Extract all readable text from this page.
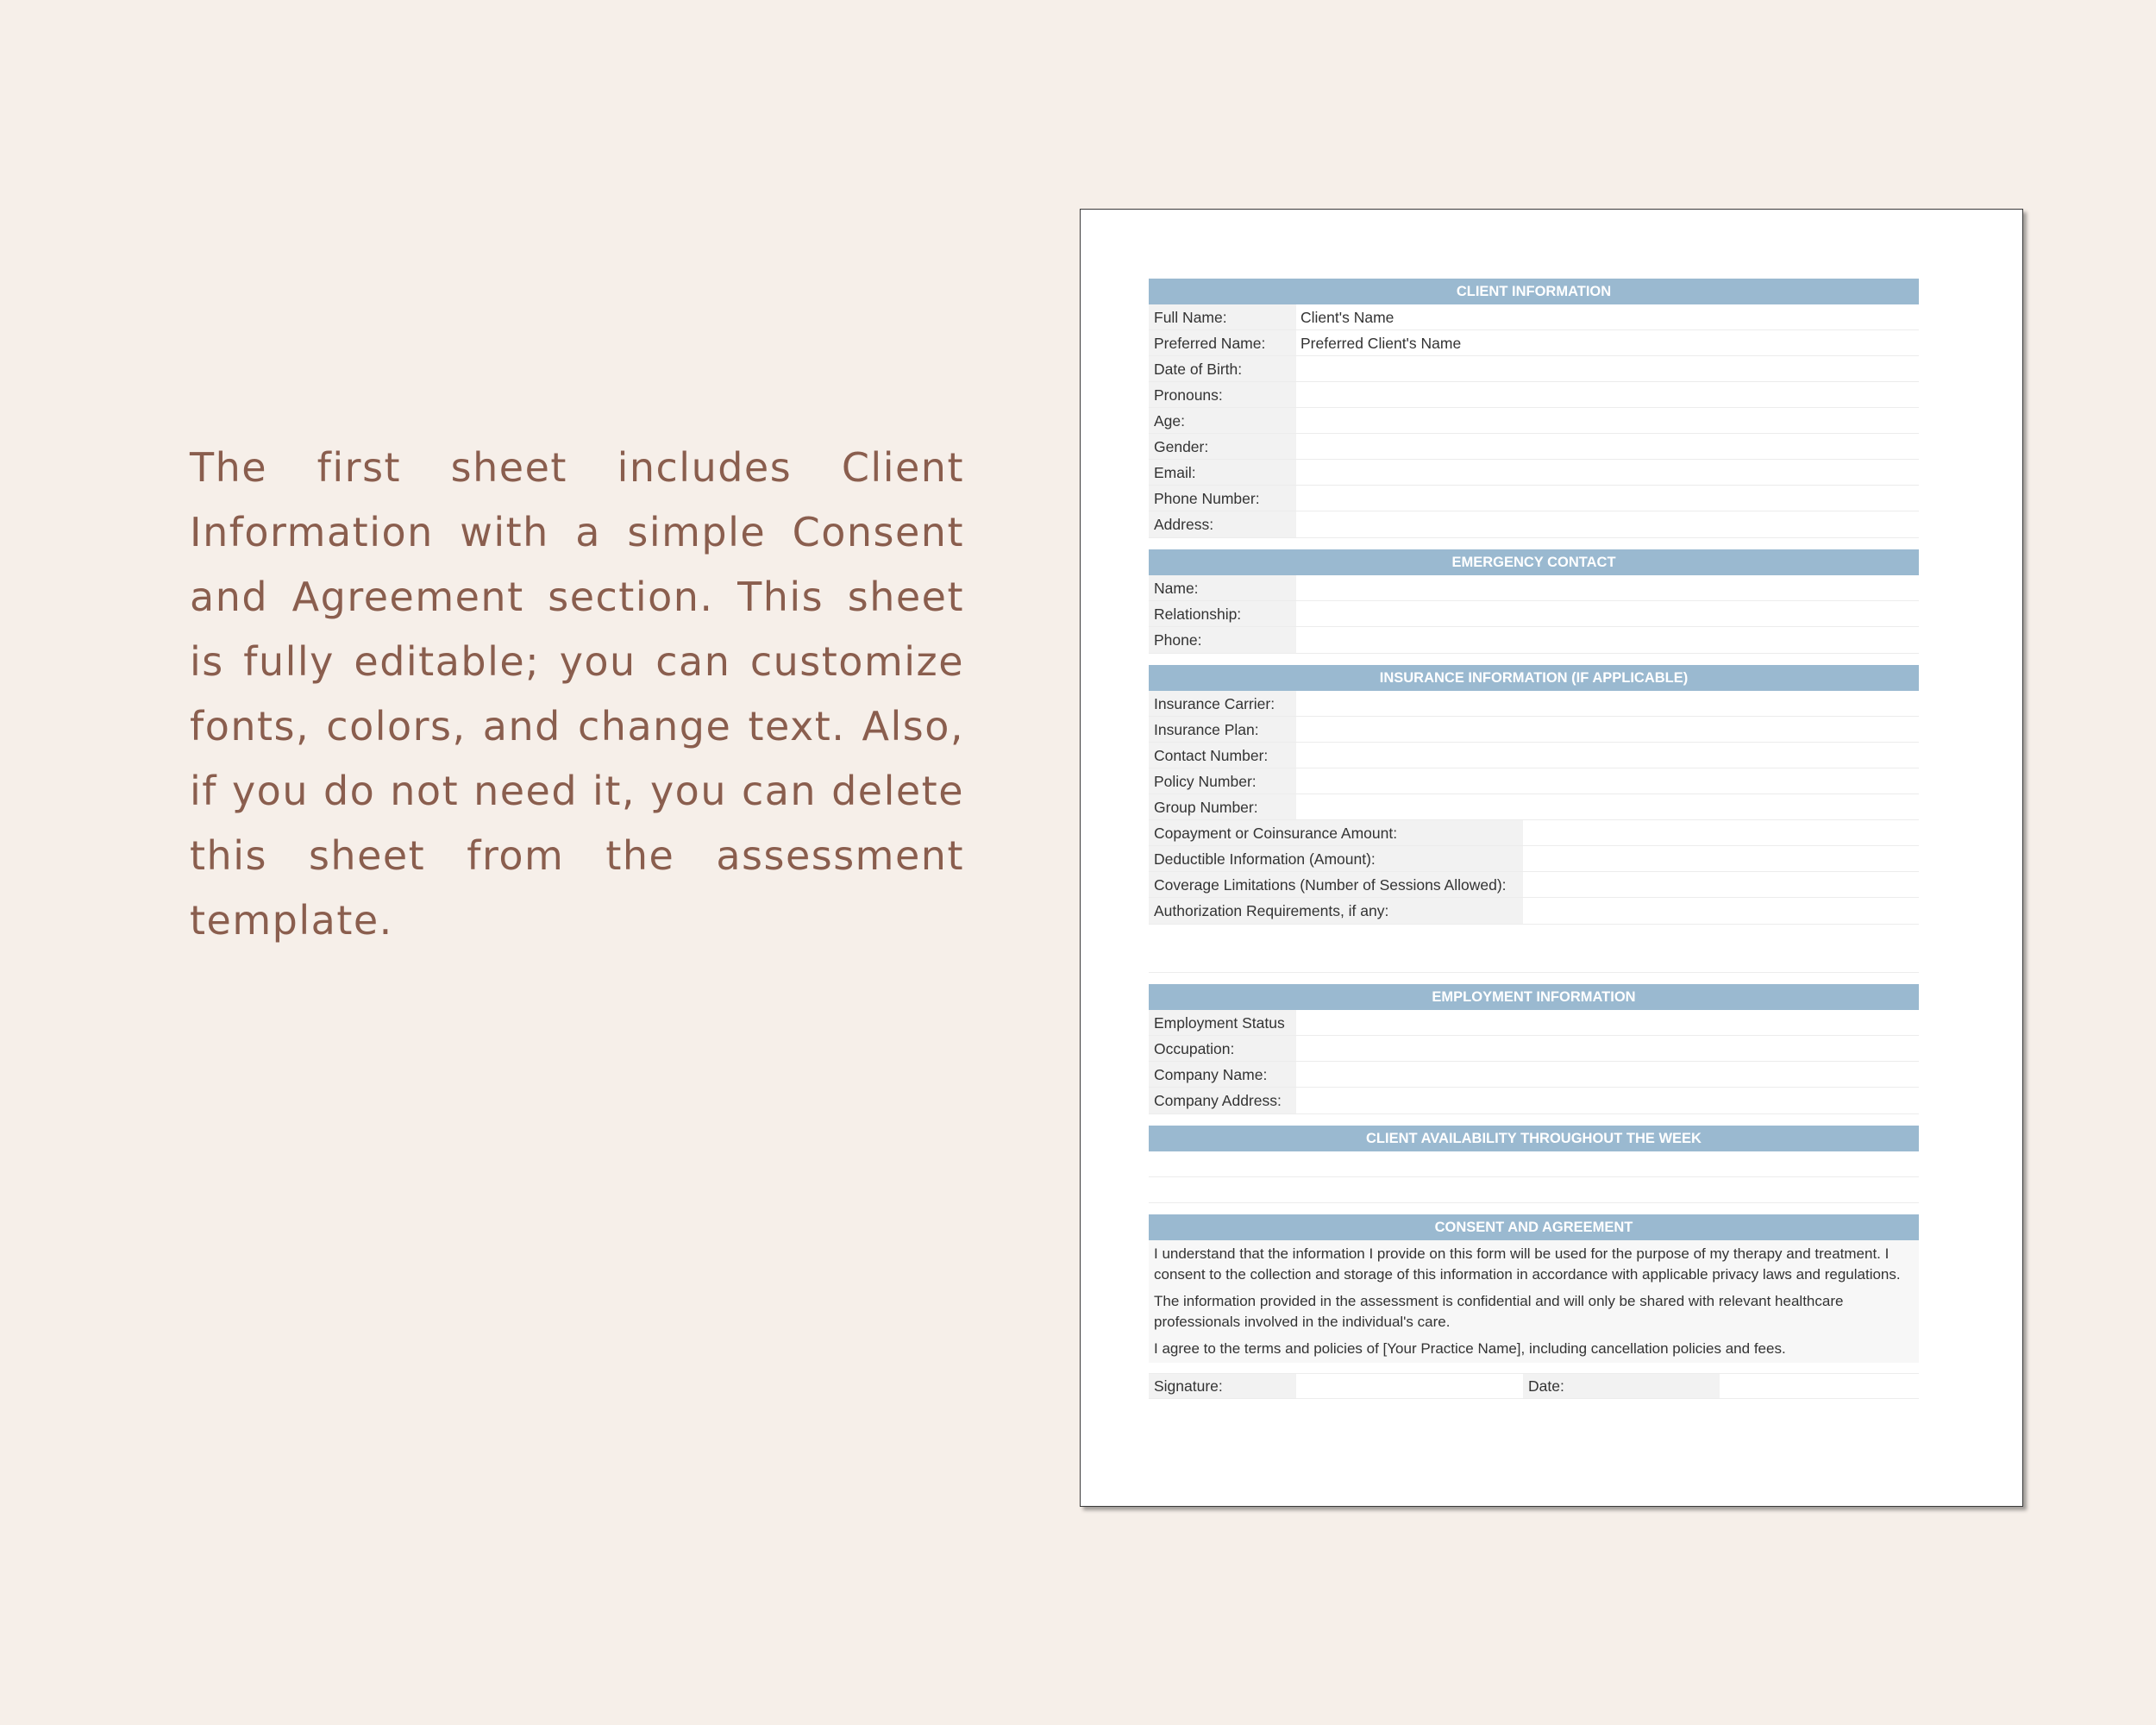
The first sheet includes Client Information with a simple Consent and Agreement section. This sheet is fully editable; you can customize fonts, colors, and change text. Also, if you do not need it, you can delete this sheet from the assessment template.

CLIENT INFORMATION
Full Name:	Client's Name
Preferred Name:	Preferred Client's Name
Date of Birth:
Pronouns:
Age:
Gender:
Email:
Phone Number:
Address:
EMERGENCY CONTACT
Name:
Relationship:
Phone:
INSURANCE INFORMATION (IF APPLICABLE)
Insurance Carrier:
Insurance Plan:
Contact Number:
Policy Number:
Group Number:
Copayment or Coinsurance Amount:
Deductible Information (Amount):
Coverage Limitations (Number of Sessions Allowed):
Authorization Requirements, if any:
EMPLOYMENT INFORMATION
Employment Status
Occupation:
Company Name:
Company Address:
CLIENT AVAILABILITY THROUGHOUT THE WEEK
CONSENT AND AGREEMENT

I understand that the information I provide on this form will be used for the purpose of my therapy and treatment. I consent to the collection and storage of this information in accordance with applicable privacy laws and regulations.

The information provided in the assessment is confidential and will only be shared with relevant healthcare professionals involved in the individual's care.

I agree to the terms and policies of [Your Practice Name], including cancellation policies and fees.

Signature:	Date:
